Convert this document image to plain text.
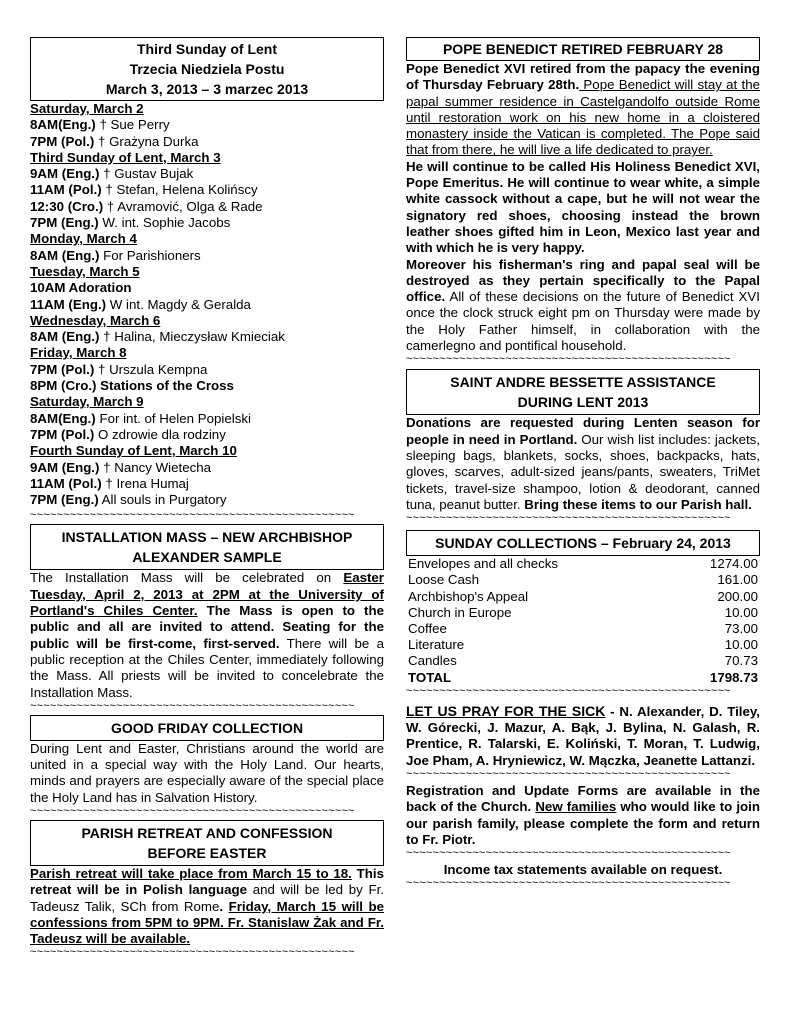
Third Sunday of Lent
Trzecia Niedziela Postu
March 3, 2013 – 3 marzec 2013
Saturday, March 2
8AM(Eng.) † Sue Perry
7PM (Pol.) † Grażyna Durka
Third Sunday of Lent, March 3
9AM (Eng.) † Gustav Bujak
11AM (Pol.) † Stefan, Helena Kolińscy
12:30 (Cro.) † Avramović, Olga & Rade
7PM (Eng.) W. int. Sophie Jacobs
Monday, March 4
8AM (Eng.) For Parishioners
Tuesday, March 5
10AM Adoration
11AM (Eng.) W int. Magdy & Geralda
Wednesday, March 6
8AM (Eng.) † Halina, Mieczysław Kmieciak
Friday, March 8
7PM (Pol.) † Urszula Kempna
8PM (Cro.) Stations of the Cross
Saturday, March 9
8AM(Eng.) For int. of Helen Popielski
7PM (Pol.) O zdrowie dla rodziny
Fourth Sunday of Lent, March 10
9AM (Eng.) † Nancy Wietecha
11AM (Pol.) † Irena Humaj
7PM (Eng.) All souls in Purgatory
~~~~~~~~~~~~~~~~~~~~~~~~~~~~~~~~~~~~~~~~~~~~~~~~~
INSTALLATION MASS – NEW ARCHBISHOP
ALEXANDER SAMPLE
The Installation Mass will be celebrated on Easter Tuesday, April 2, 2013 at 2PM at the University of Portland's Chiles Center. The Mass is open to the public and all are invited to attend. Seating for the public will be first-come, first-served. There will be a public reception at the Chiles Center, immediately following the Mass. All priests will be invited to concelebrate the Installation Mass.
~~~~~~~~~~~~~~~~~~~~~~~~~~~~~~~~~~~~~~~~~~~~~~~~~
GOOD FRIDAY COLLECTION
During Lent and Easter, Christians around the world are united in a special way with the Holy Land. Our hearts, minds and prayers are especially aware of the special place the Holy Land has in Salvation History.
~~~~~~~~~~~~~~~~~~~~~~~~~~~~~~~~~~~~~~~~~~~~~~~~~
PARISH RETREAT AND CONFESSION
BEFORE EASTER
Parish retreat will take place from March 15 to 18. This retreat will be in Polish language and will be led by Fr. Tadeusz Talik, SCh from Rome. Friday, March 15 will be confessions from 5PM to 9PM. Fr. Stanislaw Żak and Fr. Tadeusz will be available.
~~~~~~~~~~~~~~~~~~~~~~~~~~~~~~~~~~~~~~~~~~~~~~~~~
POPE BENEDICT RETIRED FEBRUARY 28
Pope Benedict XVI retired from the papacy the evening of Thursday February 28th. Pope Benedict will stay at the papal summer residence in Castelgandolfo outside Rome until restoration work on his new home in a cloistered monastery inside the Vatican is completed. The Pope said that from there, he will live a life dedicated to prayer.
He will continue to be called His Holiness Benedict XVI, Pope Emeritus. He will continue to wear white, a simple white cassock without a cape, but he will not wear the signatory red shoes, choosing instead the brown leather shoes gifted him in Leon, Mexico last year and with which he is very happy.
Moreover his fisherman's ring and papal seal will be destroyed as they pertain specifically to the Papal office. All of these decisions on the future of Benedict XVI once the clock struck eight pm on Thursday were made by the Holy Father himself, in collaboration with the camerlegno and pontifical household.
~~~~~~~~~~~~~~~~~~~~~~~~~~~~~~~~~~~~~~~~~~~~~~~~~
SAINT ANDRE BESSETTE ASSISTANCE
DURING LENT 2013
Donations are requested during Lenten season for people in need in Portland. Our wish list includes: jackets, sleeping bags, blankets, socks, shoes, backpacks, hats, gloves, scarves, adult-sized jeans/pants, sweaters, TriMet tickets, travel-size shampoo, lotion & deodorant, canned tuna, peanut butter. Bring these items to our Parish hall.
~~~~~~~~~~~~~~~~~~~~~~~~~~~~~~~~~~~~~~~~~~~~~~~~~
SUNDAY COLLECTIONS – February 24, 2013
Envelopes and all checks	1274.00
Loose Cash	161.00
Archbishop's Appeal	200.00
Church in Europe	10.00
Coffee	73.00
Literature	10.00
Candles	70.73
TOTAL	1798.73
~~~~~~~~~~~~~~~~~~~~~~~~~~~~~~~~~~~~~~~~~~~~~~~~~
LET US PRAY FOR THE SICK - N. Alexander, D. Tiley, W. Górecki, J. Mazur, A. Bąk, J. Bylina, N. Galash, R. Prentice, R. Talarski, E. Koliński, T. Moran, T. Ludwig, Joe Pham, A. Hryniewicz, W. Mączka, Jeanette Lattanzi.
~~~~~~~~~~~~~~~~~~~~~~~~~~~~~~~~~~~~~~~~~~~~~~~~~
Registration and Update Forms are available in the back of the Church. New families who would like to join our parish family, please complete the form and return to Fr. Piotr.
~~~~~~~~~~~~~~~~~~~~~~~~~~~~~~~~~~~~~~~~~~~~~~~~~
Income tax statements available on request.
~~~~~~~~~~~~~~~~~~~~~~~~~~~~~~~~~~~~~~~~~~~~~~~~~
